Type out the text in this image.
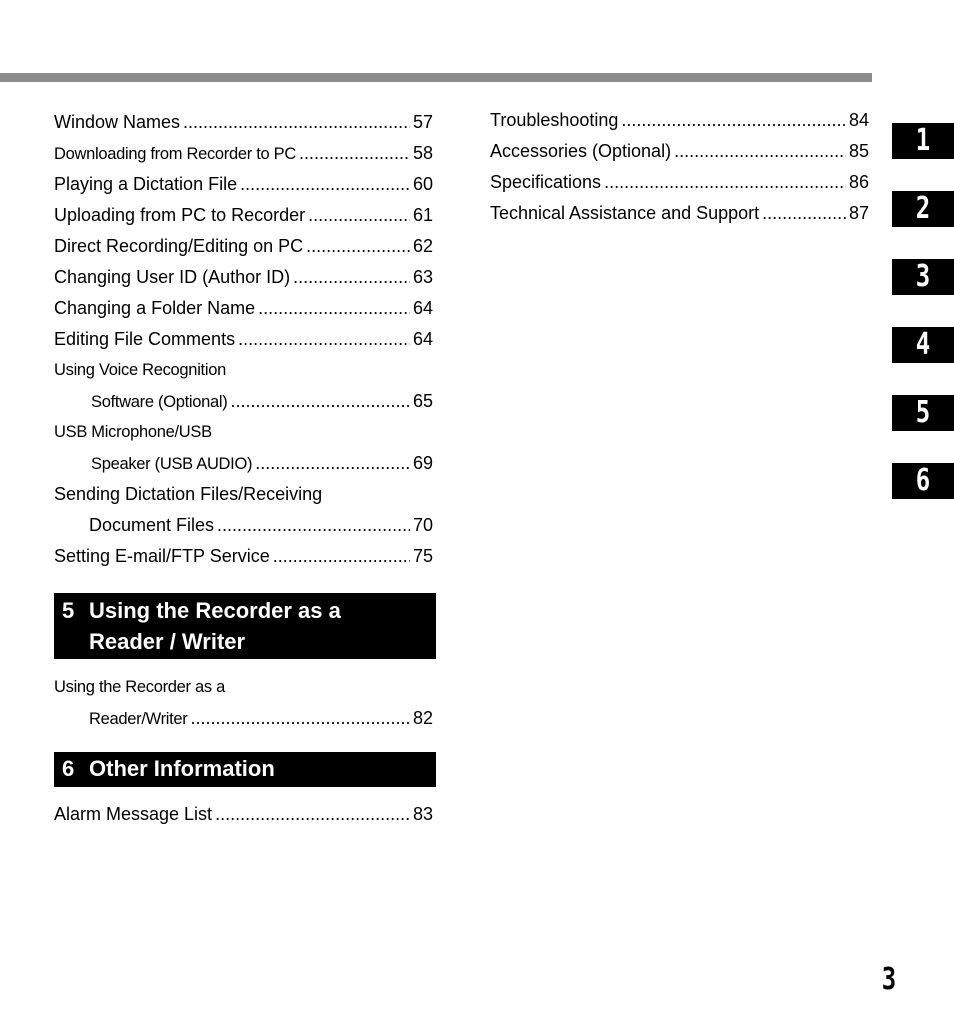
Window Names .....	57
Downloading from Recorder to PC .....	58
Playing a Dictation File .....	60
Uploading from PC to Recorder .....	61
Direct Recording/Editing on PC .....	62
Changing User ID (Author ID) .....	63
Changing a Folder Name .....	64
Editing File Comments .....	64
Using Voice Recognition
Software (Optional) .....	65
USB Microphone/USB
Speaker (USB AUDIO) .....	69
Sending Dictation Files/Receiving
Document Files .....	70
Setting E-mail/FTP Service .....	75
5 Using the Recorder as a
Reader / Writer
Using the Recorder as a
Reader/Writer .....	82
6 Other Information
Alarm Message List .....	83
Troubleshooting .....	84
Accessories (Optional) .....	85
Specifications .....	86
Technical Assistance and Support .....	87
1
2
3
4
5
6
3
